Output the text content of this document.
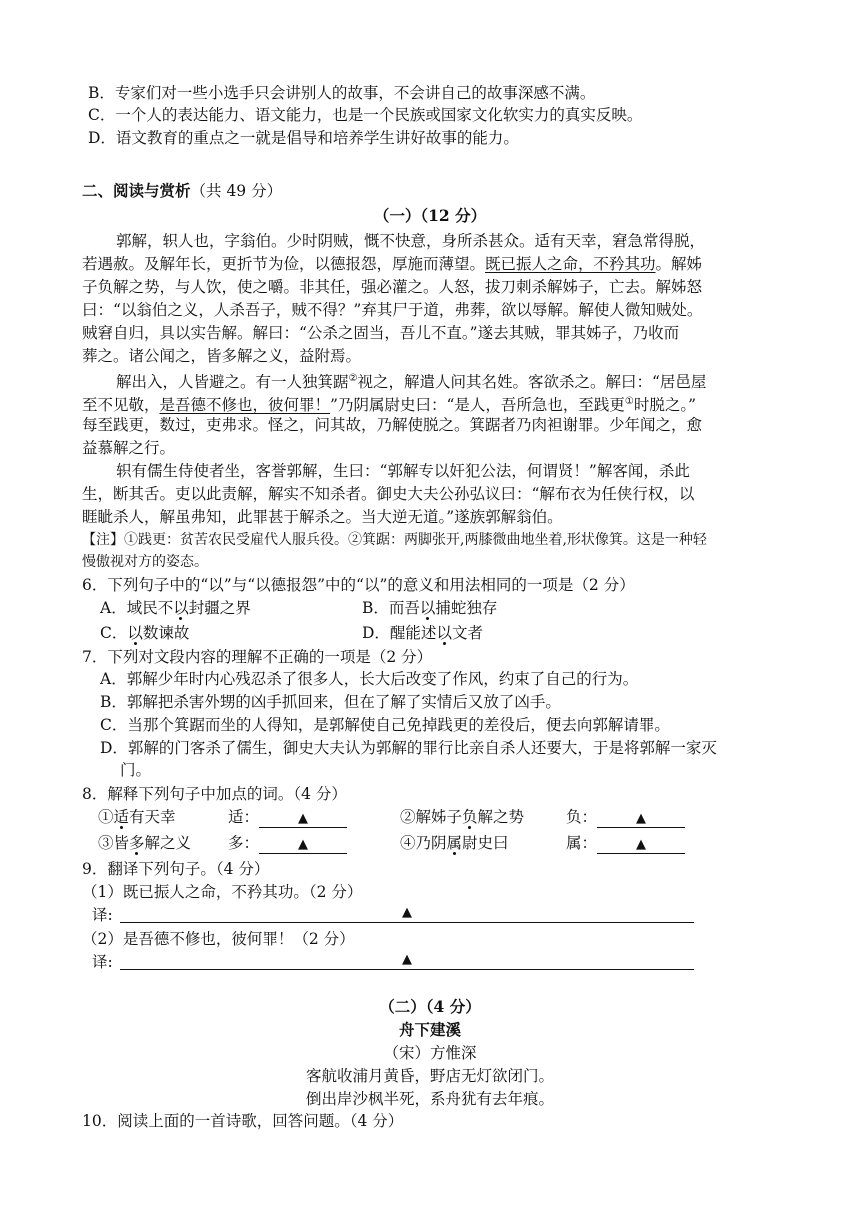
B．专家们对一些小选手只会讲别人的故事，不会讲自己的故事深感不满。
C．一个人的表达能力、语文能力，也是一个民族或国家文化软实力的真实反映。
D．语文教育的重点之一就是倡导和培养学生讲好故事的能力。
二、阅读与赏析（共 49 分）
（一）（12 分）
郭解，轵人也，字翁伯。少时阴贼，慨不快意，身所杀甚众。适有天幸，窘急常得脱，
若遇赦。及解年长，更折节为俭，以德报怨，厚施而薄望。既已振人之命，不矜其功。解姊
子负解之势，与人饮，使之嚼。非其任，强必灌之。人怒，拔刀刺杀解姊子，亡去。解姊怒
曰：“以翁伯之义，人杀吾子，贼不得？”弃其尸于道，弗葬，欲以辱解。解使人微知贼处。
贼窘自归，具以实告解。解曰：“公杀之固当，吾儿不直。”遂去其贼，罪其姊子，乃收而
葬之。诸公闻之，皆多解之义，益附焉。
解出入，人皆避之。有一人独箕踞②视之，解遣人问其名姓。客欲杀之。解曰：“居邑屋
至不见敬，是吾德不修也，彼何罪！”乃阴属尉史曰：“是人，吾所急也，至践更①时脱之。”
每至践更，数过，吏弗求。怪之，问其故，乃解使脱之。箕踞者乃肉袒谢罪。少年闻之，愈
益慕解之行。
轵有儒生侍使者坐，客誉郭解，生曰：“郭解专以奸犯公法，何谓贤！”解客闻，杀此
生，断其舌。吏以此责解，解实不知杀者。御史大夫公孙弘议曰：“解布衣为任侠行权，以
睚眦杀人，解虽弗知，此罪甚于解杀之。当大逆无道。”遂族郭解翁伯。
【注】①践更：贫苦农民受雇代人服兵役。②箕踞：两脚张开,两膝微曲地坐着,形状像箕。这是一种轻
慢傲视对方的姿态。
6．下列句子中的“以”与“以德报怨”中的“以”的意义和用法相同的一项是（2 分）
A．域民不以封疆之界	B．而吾以捕蛇独存
C．以数谏故	D．醒能述以文者
7．下列对文段内容的理解不正确的一项是（2 分）
A．郭解少年时内心残忍杀了很多人，长大后改变了作风，约束了自己的行为。
B．郭解把杀害外甥的凶手抓回来，但在了解了实情后又放了凶手。
C．当那个箕踞而坐的人得知，是郭解使自己免掉践更的差役后，便去向郭解请罪。
D．郭解的门客杀了儒生，御史大夫认为郭解的罪行比亲自杀人还要大，于是将郭解一家灭
门。
8．解释下列句子中加点的词。（4 分）
①适有天幸	适：	▲	②解姊子负解之势	负：	▲
③皆多解之义 多：	▲	④乃阴属尉史曰	属：	▲
9．翻译下列句子。（4 分）
（1）既已振人之命，不矜其功。（2 分）
译:	▲
（2）是吾德不修也，彼何罪！（2 分）
译:	▲
（二）（4 分）
舟下建溪
（宋）方惟深
客航收浦月黄昏，野店无灯欲闭门。
倒出岸沙枫半死，系舟犹有去年痕。
10．阅读上面的一首诗歌，回答问题。（4 分）
